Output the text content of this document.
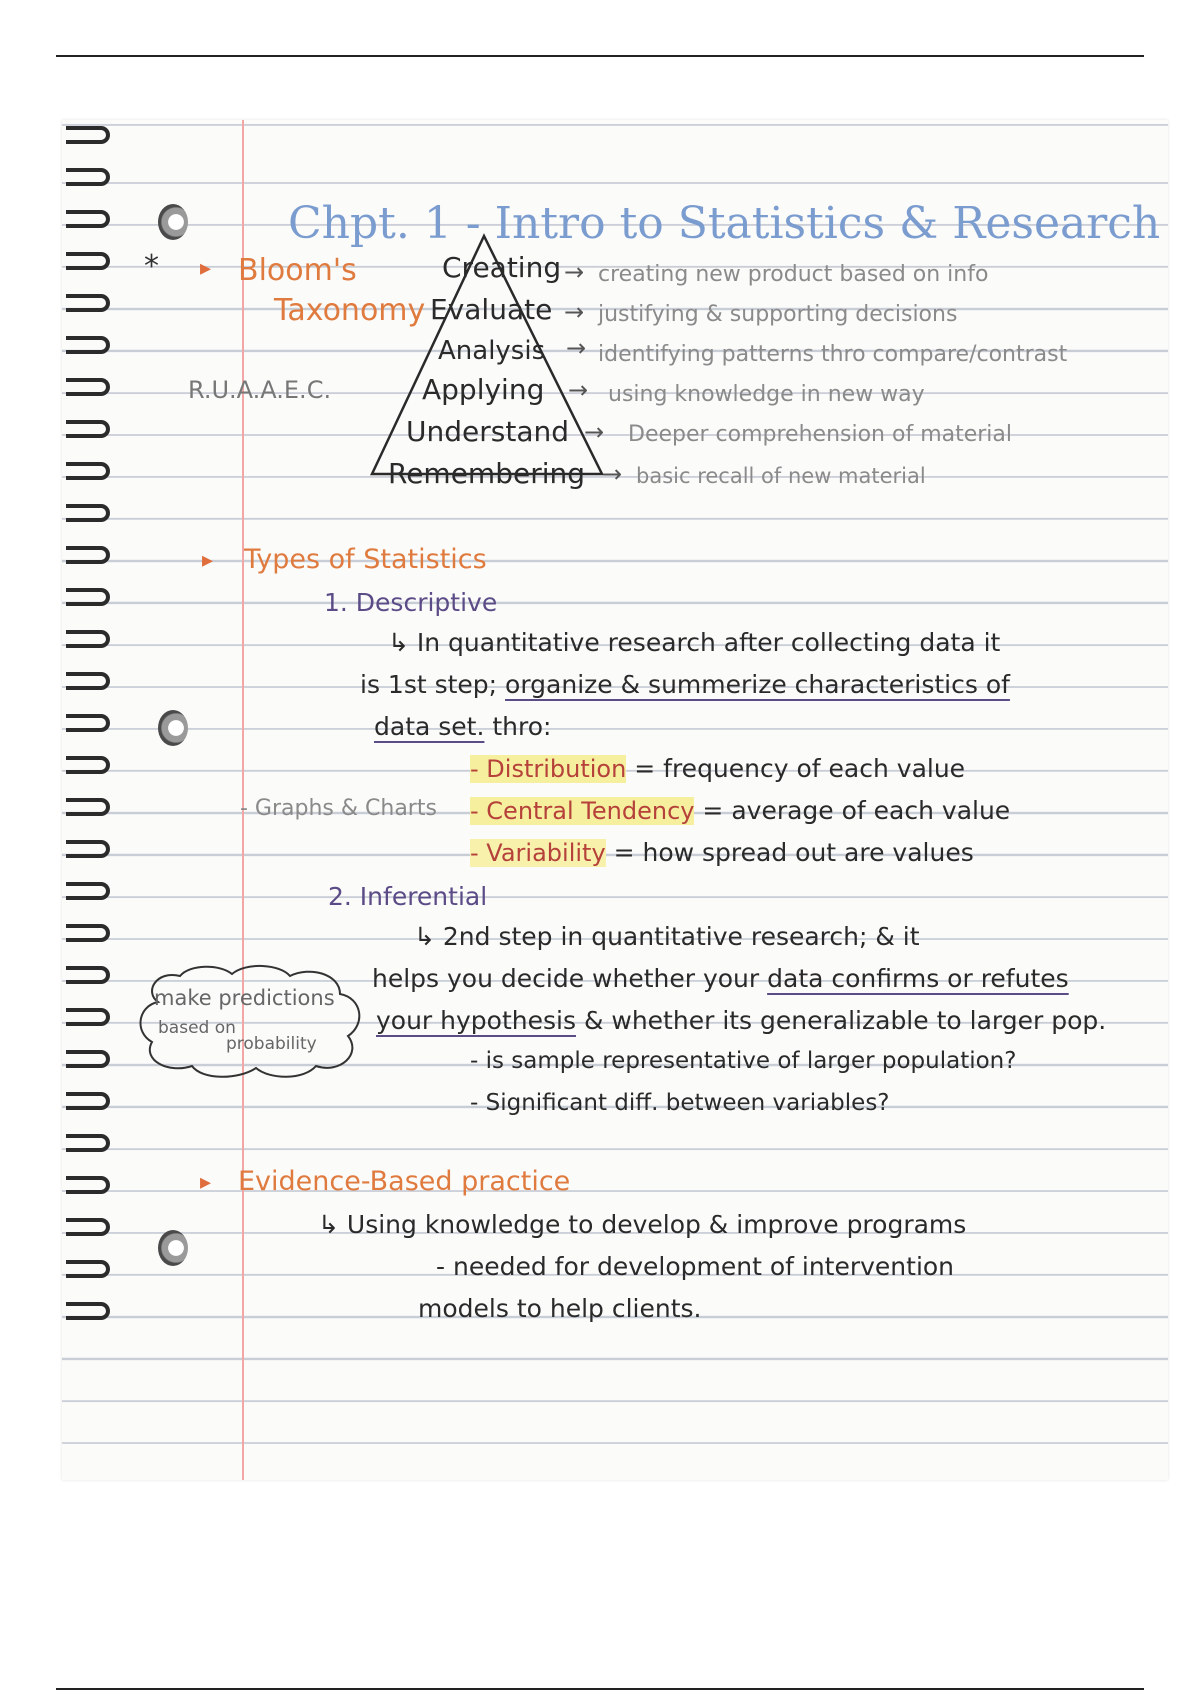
Chpt. 1 - Intro to Statistics & Research
* ▸ Bloom's
Taxonomy
R.U.A.A.E.C.
Creating
Evaluate
Analysis
Applying
Understand
Remembering
→
→
→
→
→
→
creating new product based on info
justifying & supporting decisions
identifying patterns thro compare/contrast
using knowledge in new way
Deeper comprehension of material
basic recall of new material
▸ Types of Statistics
1. Descriptive
↳ In quantitative research after collecting data it
is 1st step; organize & summerize characteristics of
data set. thro:
- Graphs & Charts
- Distribution = frequency of each value
- Central Tendency = average of each value
- Variability = how spread out are values
2. Inferential
make predictions
based on
probability
↳ 2nd step in quantitative research; & it
helps you decide whether your data confirms or refutes
your hypothesis & whether its generalizable to larger pop.
- is sample representative of larger population?
- Significant diff. between variables?
▸ Evidence-Based practice
↳ Using knowledge to develop & improve programs
- needed for development of intervention
models to help clients.
